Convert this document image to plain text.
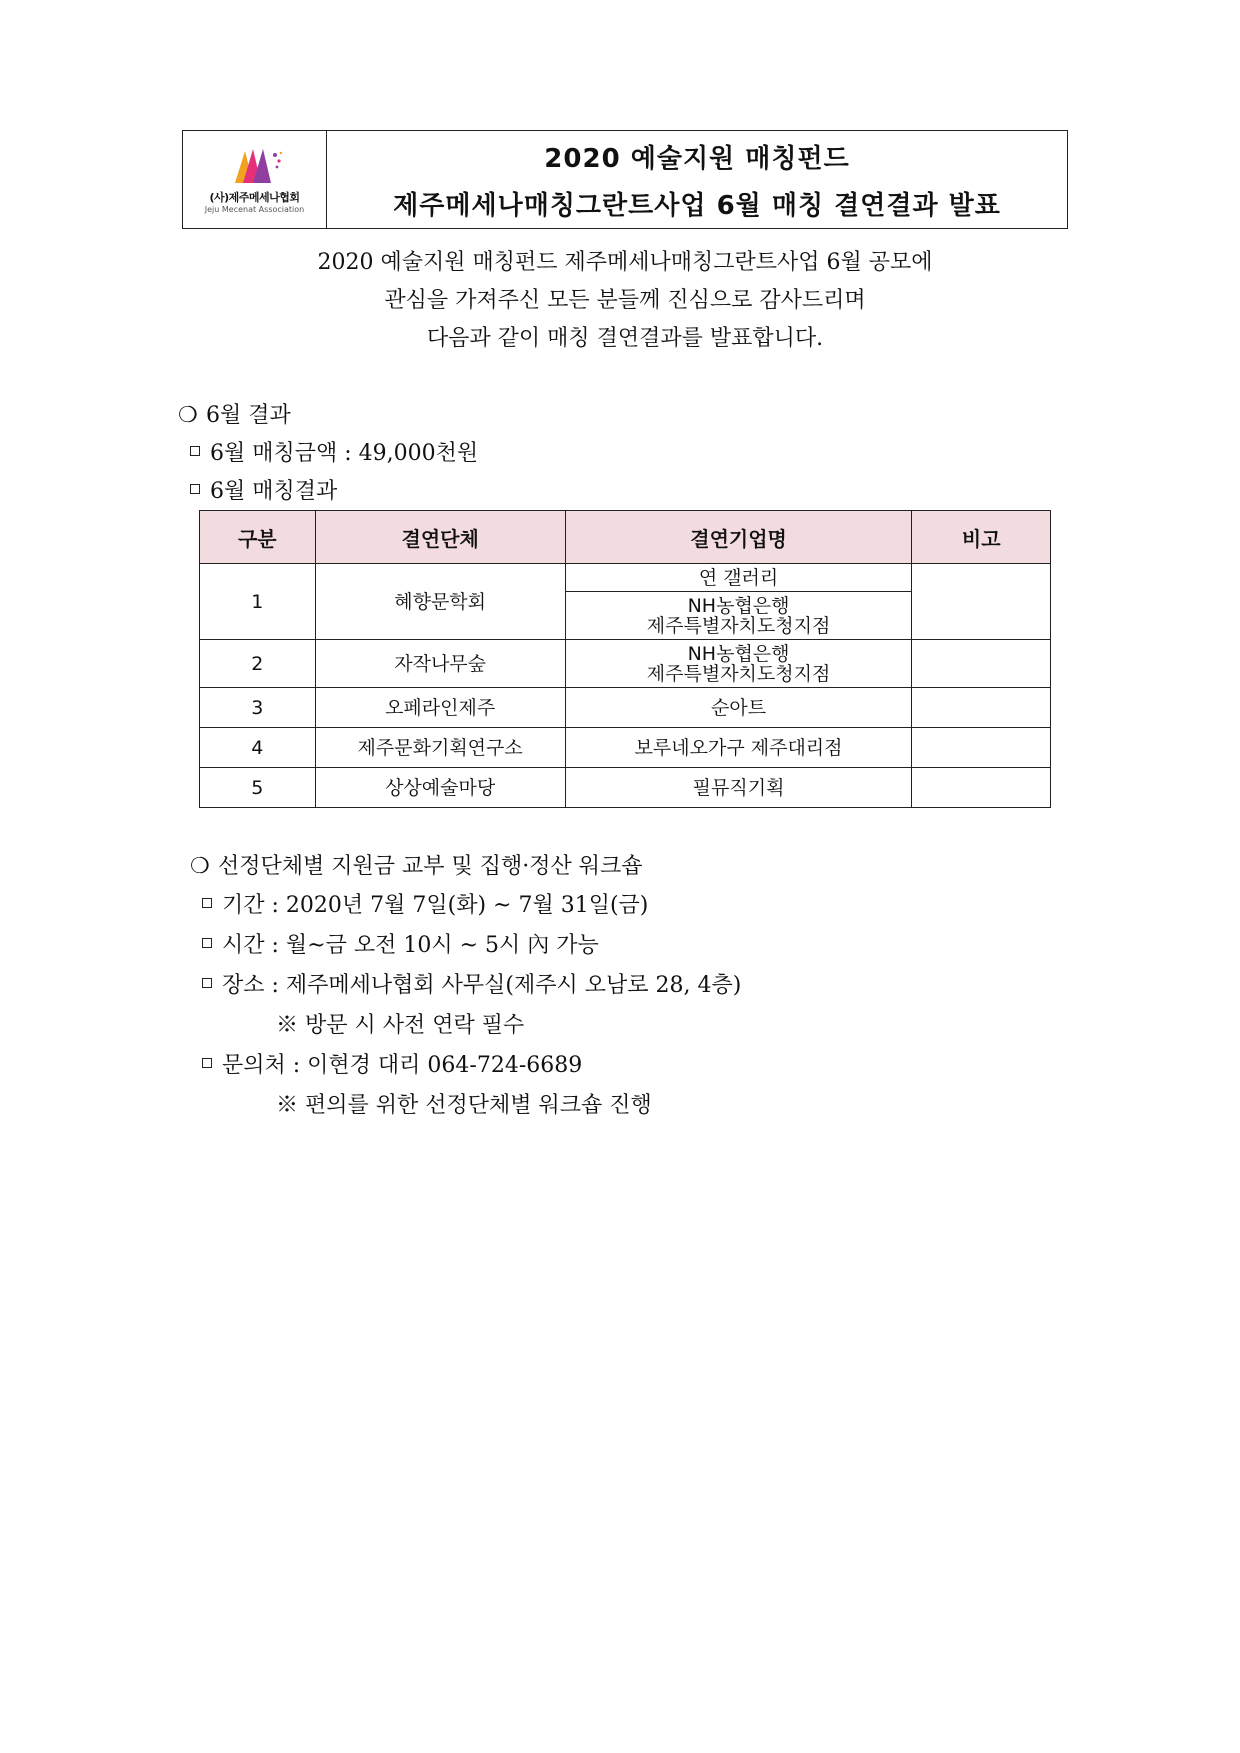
(사)제주메세나협회
Jeju Mecenat Association
2020 예술지원 매칭펀드
제주메세나매칭그란트사업 6월 매칭 결연결과 발표
2020 예술지원 매칭펀드 제주메세나매칭그란트사업 6월 공모에
관심을 가져주신 모든 분들께 진심으로 감사드리며
다음과 같이 매칭 결연결과를 발표합니다.
❍ 6월 결과
6월 매칭금액 : 49,000천원
6월 매칭결과
구분	결연단체	결연기업명	비고
1	혜향문학회	연 갤러리	

		NH농협은행
제주특별자치도청지점	

2	자작나무숲	NH농협은행
제주특별자치도청지점	

3	오페라인제주	순아트	
4	제주문화기획연구소	보루네오가구 제주대리점	
5	상상예술마당	필뮤직기획	
❍ 선정단체별 지원금 교부 및 집행·정산 워크숍
기간 : 2020년 7월 7일(화) ~ 7월 31일(금)
시간 : 월~금 오전 10시 ~ 5시 內 가능
장소 : 제주메세나협회 사무실(제주시 오남로 28, 4층)
※ 방문 시 사전 연락 필수
문의처 : 이현경 대리 064-724-6689
※ 편의를 위한 선정단체별 워크숍 진행
